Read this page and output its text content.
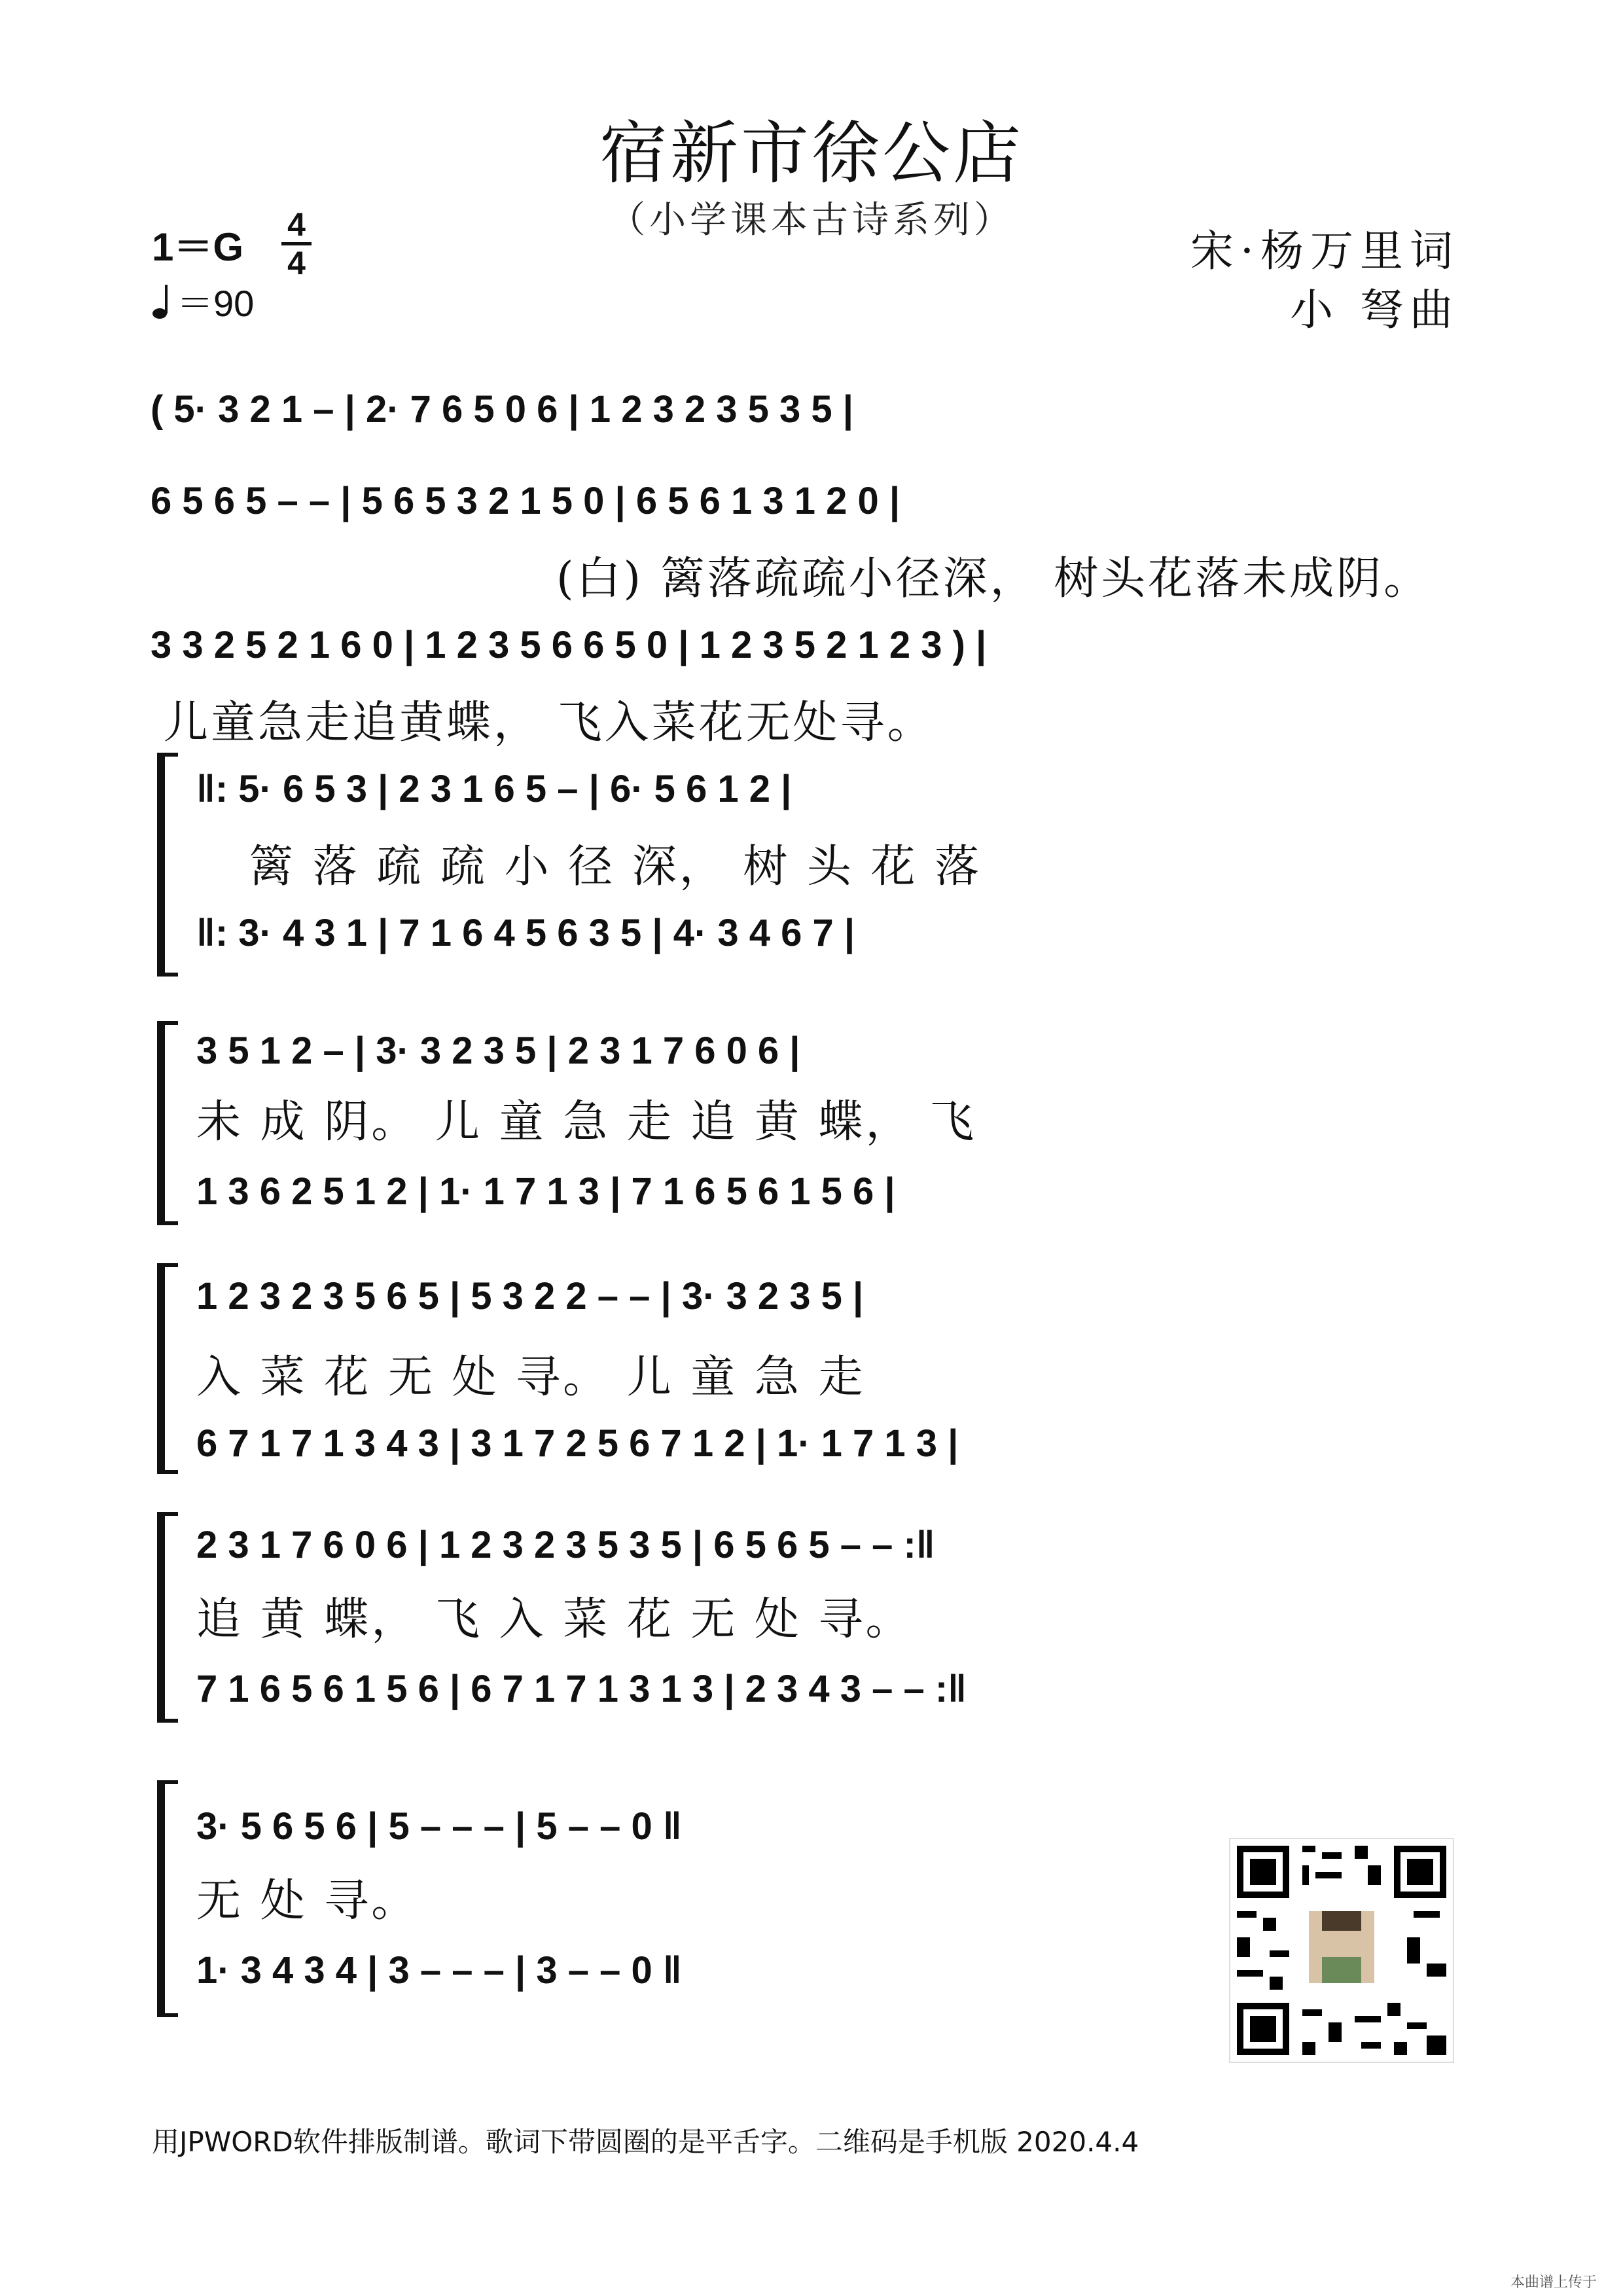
宿新市徐公店
（小学课本古诗系列）
1＝G
4
4
＝90
宋·杨万里词
小 弩曲
( 5· 3 2 1 – | 2· 7 6 5 0 6 | 1 2 3 2 3 5 3 5 |
6 5 6 5 – – | 5 6 5 3 2 1 5 0 | 6 5 6 1 3 1 2 0 |
(白) 篱落疏疏小径深， 树头花落未成阴。
3 3 2 5 2 1 6 0 | 1 2 3 5 6 6 5 0 | 1 2 3 5 2 1 2 3 ) |
儿童急走追黄蝶， 飞入菜花无处寻。
‖: 5· 6 5 3 | 2 3 1 6 5 – | 6· 5 6 1 2 |
篱 落 疏 疏 小 径 深， 树 头 花 落
‖: 3· 4 3 1 | 7 1 6 4 5 6 3 5 | 4· 3 4 6 7 |
3 5 1 2 – | 3· 3 2 3 5 | 2 3 1 7 6 0 6 |
未 成 阴。 儿 童 急 走 追 黄 蝶， 飞
1 3 6 2 5 1 2 | 1· 1 7 1 3 | 7 1 6 5 6 1 5 6 |
1 2 3 2 3 5 6 5 | 5 3 2 2 – – | 3· 3 2 3 5 |
入 菜 花 无 处 寻。 儿 童 急 走
6 7 1 7 1 3 4 3 | 3 1 7 2 5 6 7 1 2 | 1· 1 7 1 3 |
2 3 1 7 6 0 6 | 1 2 3 2 3 5 3 5 | 6 5 6 5 – – :‖
追 黄 蝶， 飞 入 菜 花 无 处 寻。
7 1 6 5 6 1 5 6 | 6 7 1 7 1 3 1 3 | 2 3 4 3 – – :‖
3· 5 6 5 6 | 5 – – – | 5 – – 0 ‖
无 处 寻。
1· 3 4 3 4 | 3 – – – | 3 – – 0 ‖
用JPWORD软件排版制谱。歌词下带圆圈的是平舌字。二维码是手机版 2020.4.4
本曲谱上传于
